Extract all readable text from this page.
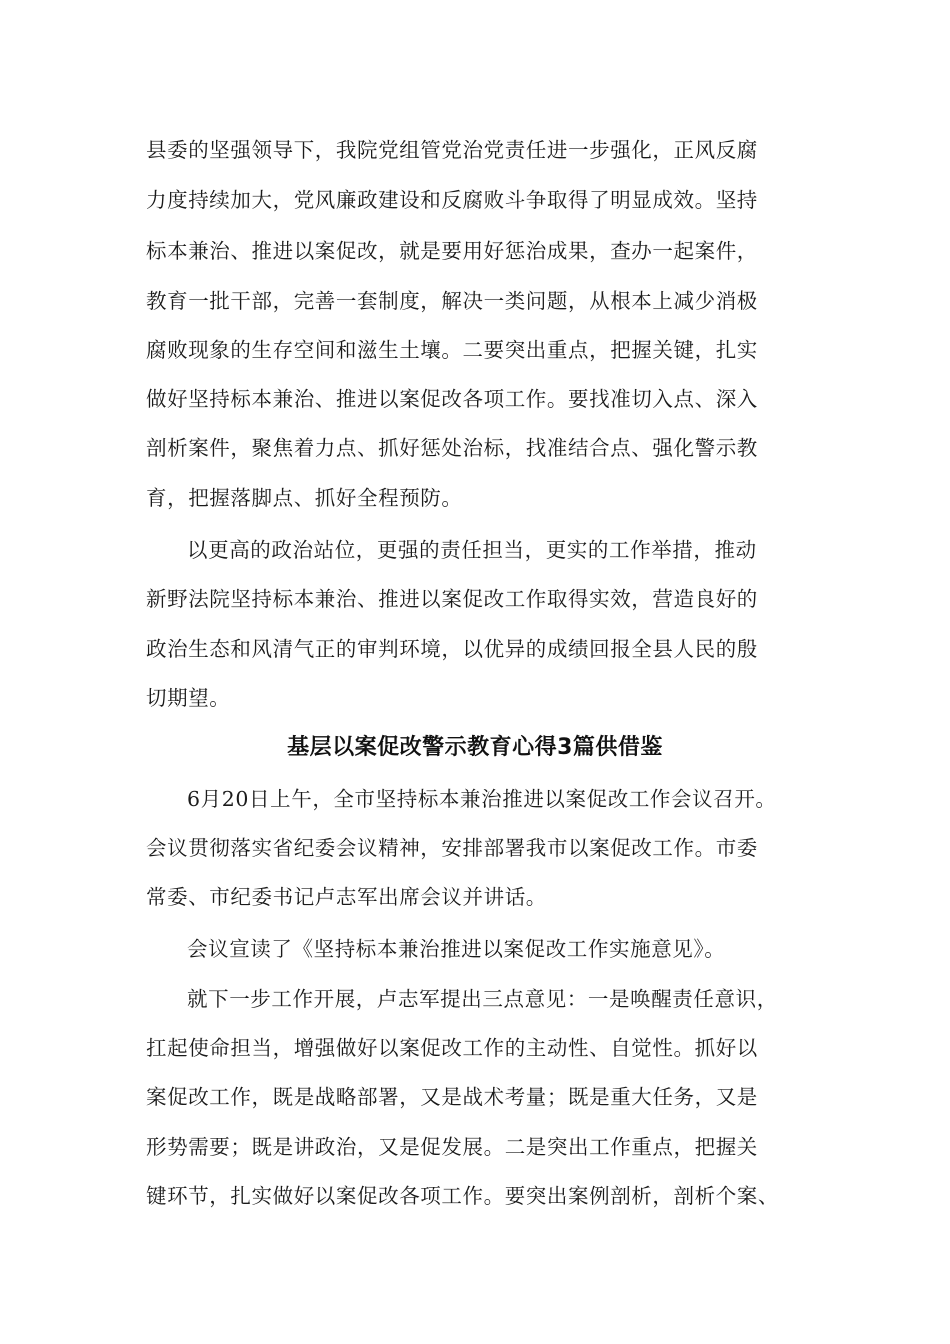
县委的坚强领导下，我院党组管党治党责任进一步强化，正风反腐
力度持续加大，党风廉政建设和反腐败斗争取得了明显成效。坚持
标本兼治、推进以案促改，就是要用好惩治成果，查办一起案件，
教育一批干部，完善一套制度，解决一类问题，从根本上减少消极
腐败现象的生存空间和滋生土壤。二要突出重点，把握关键，扎实
做好坚持标本兼治、推进以案促改各项工作。要找准切入点、深入
剖析案件，聚焦着力点、抓好惩处治标，找准结合点、强化警示教
育，把握落脚点、抓好全程预防。
以更高的政治站位，更强的责任担当，更实的工作举措，推动
新野法院坚持标本兼治、推进以案促改工作取得实效，营造良好的
政治生态和风清气正的审判环境，以优异的成绩回报全县人民的殷
切期望。
基层以案促改警示教育心得3篇供借鉴
6月20日上午，全市坚持标本兼治推进以案促改工作会议召开。
会议贯彻落实省纪委会议精神，安排部署我市以案促改工作。市委
常委、市纪委书记卢志军出席会议并讲话。
会议宣读了《坚持标本兼治推进以案促改工作实施意见》。
就下一步工作开展，卢志军提出三点意见：一是唤醒责任意识，
扛起使命担当，增强做好以案促改工作的主动性、自觉性。抓好以
案促改工作，既是战略部署，又是战术考量；既是重大任务，又是
形势需要；既是讲政治，又是促发展。二是突出工作重点，把握关
键环节，扎实做好以案促改各项工作。要突出案例剖析，剖析个案、
